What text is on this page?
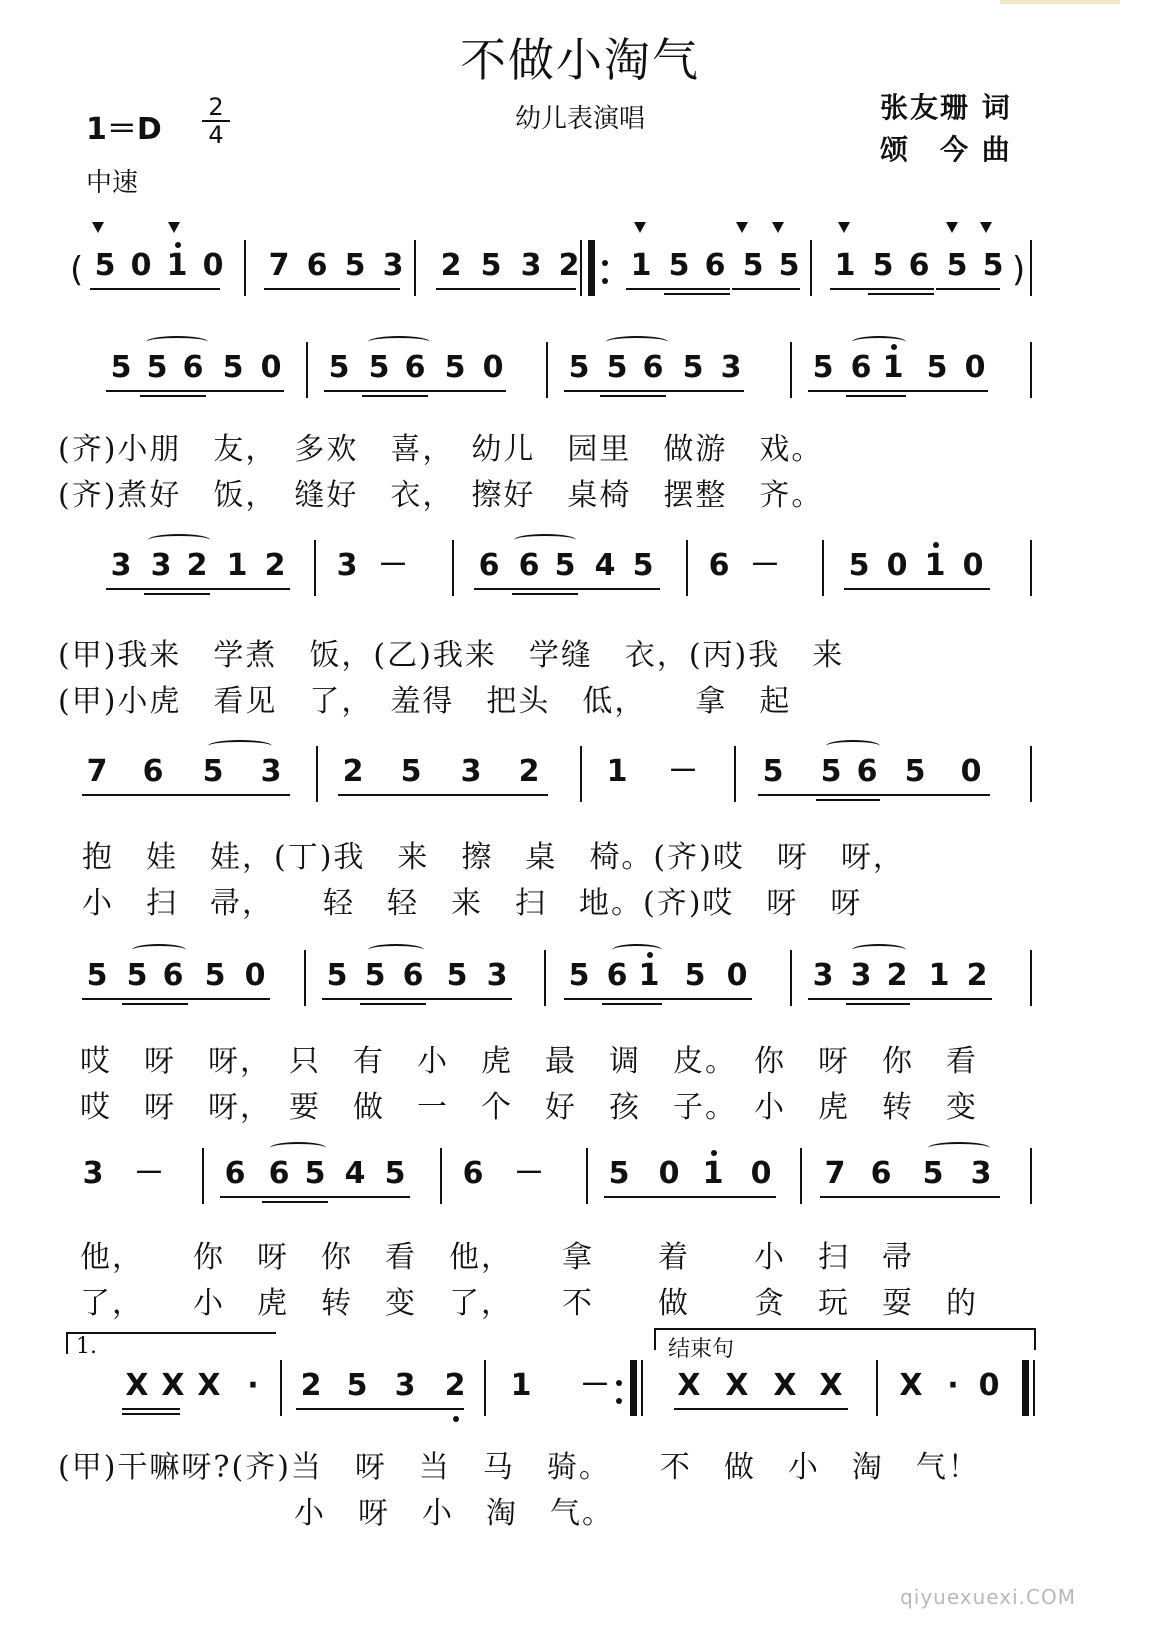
不做小淘气
幼儿表演唱
1＝D
2
4
中速
张友珊 词
颂　今 曲
5 0 1 0 7 6 5 3 2 5 3 2 1 5 6 5 5 1 5 6 5 5
5 5 6 5 0 5 5 6 5 0 5 5 6 5 3 5 6 1 5 0
3 3 2 1 2 3 － 6 6 5 4 5 6 － 5 0 1 0
7 6 5 3 2 5 3 2 1 － 5 5 6 5 0
5 5 6 5 0 5 5 6 5 3 5 6 1 5 0 3 3 2 1 2
3 － 6 6 5 4 5 6 － 5 0 1 0 7 6 5 3
X X X ·	2 5 3 2 1 － X X X X X · 0
(	)
(齐)小朋　友，　多欢　喜，　幼儿　园里　做游　戏。
(齐)煮好　饭，　缝好　衣，　擦好　桌椅　摆整　齐。
(甲)我来　学煮　饭，(乙)我来　学缝　衣，(丙)我　来
(甲)小虎　看见　了，　羞得　把头　低，　　拿　起
抱　娃　娃，(丁)我　来　擦　桌　椅。(齐)哎　呀　呀，
小　扫　帚，　　轻　轻　来　扫　地。(齐)哎　呀　呀
哎　呀　呀，　只　有　小　虎　最　调　皮。　你　呀　你　看
哎　呀　呀，　要　做　一　个　好　孩　子。　小　虎　转　变
他，　　你　呀　你　看　他，　　拿　　着　　小　扫　帚
了，　　小　虎　转　变　了，　　不　　做　　贪　玩　耍　的
(甲)干嘛呀?(齐)当　呀　当　马　骑。　　不　做　小　淘　气！
小　呀　小　淘　气。
1.	结束句
qiyuexuexi.COM
